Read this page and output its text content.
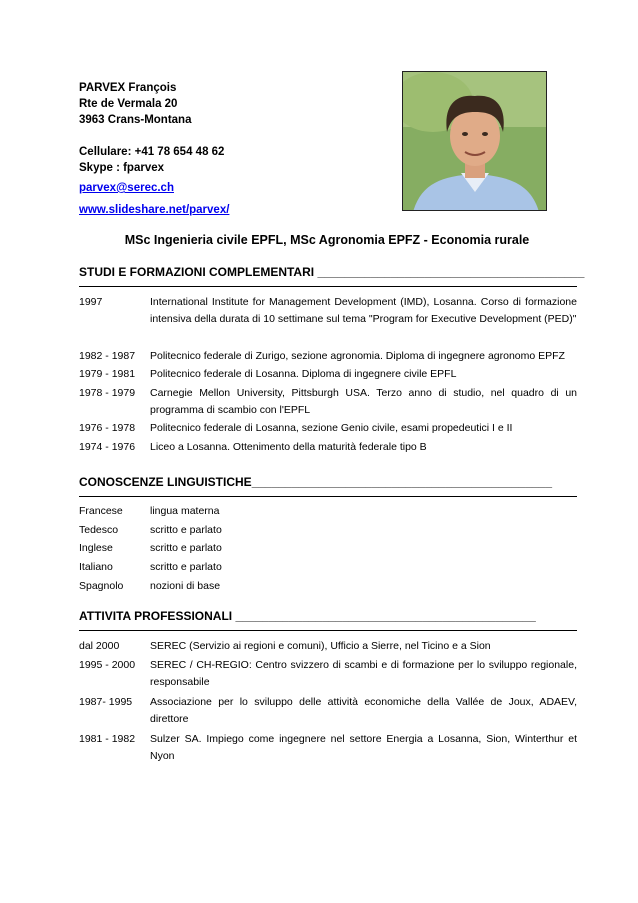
PARVEX François
Rte de Vermala 20
3963 Crans-Montana
Cellulare: +41 78 654 48 62
Skype : fparvex
parvex@serec.ch
www.slideshare.net/parvex/
MSc Ingenieria civile EPFL, MSc Agronomia EPFZ - Economia rurale
STUDI E FORMAZIONI COMPLEMENTARI ________________________________________
1997	International Institute for Management Development (IMD), Losanna. Corso di formazione intensiva della durata di 10 settimane sul tema "Program for Executive Development (PED)"
1982 - 1987	Politecnico federale di Zurigo, sezione agronomia. Diploma di ingegnere agronomo EPFZ
1979 - 1981	Politecnico federale di Losanna. Diploma di ingegnere civile EPFL
1978 - 1979	Carnegie Mellon University, Pittsburgh USA. Terzo anno di studio, nel quadro di un programma di scambio con l'EPFL
1976 - 1978	Politecnico federale di Losanna, sezione Genio civile, esami propedeutici I e II
1974 - 1976	Liceo a Losanna. Ottenimento della maturità federale tipo B
CONOSCENZE LINGUISTICHE_____________________________________________
Francese	lingua materna
Tedesco	scritto e parlato
Inglese	scritto e parlato
Italiano	scritto e parlato
Spagnolo	nozioni di base
ATTIVITA PROFESSIONALI _____________________________________________
dal 2000	SEREC (Servizio ai regioni e comuni), Ufficio a Sierre, nel Ticino e a Sion
1995 - 2000	SEREC / CH-REGIO: Centro svizzero di scambi e di formazione per lo sviluppo regionale, responsabile
1987- 1995	Associazione per lo sviluppo delle attività economiche della Vallée de Joux, ADAEV, direttore
1981 - 1982	Sulzer SA. Impiego come ingegnere nel settore Energia a Losanna, Sion, Winterthur et Nyon
